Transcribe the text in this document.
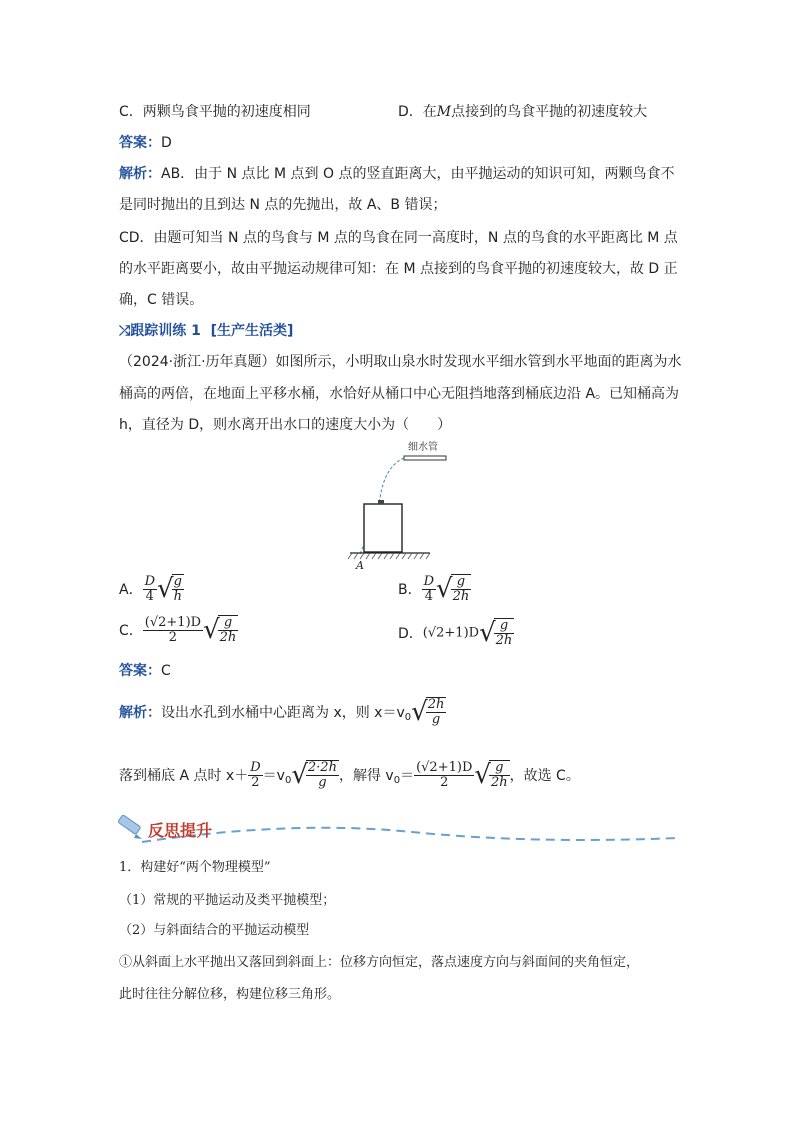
C．两颗鸟食平抛的初速度相同	D．在M点接到的鸟食平抛的初速度较大
答案：D
解析：AB．由于 N 点比 M 点到 O 点的竖直距离大，由平抛运动的知识可知，两颗鸟食不
是同时抛出的且到达 N 点的先抛出，故 A、B 错误；
CD．由题可知当 N 点的鸟食与 M 点的鸟食在同一高度时，N 点的鸟食的水平距离比 M 点
的水平距离要小，故由平抛运动规律可知：在 M 点接到的鸟食平抛的初速度较大，故 D 正
确，C 错误。
⤮跟踪训练 1 [生产生活类]
（2024·浙江·历年真题）如图所示，小明取山泉水时发现水平细水管到水平地面的距离为水
桶高的两倍，在地面上平移水桶，水恰好从桶口中心无阻挡地落到桶底边沿 A。已知桶高为
h，直径为 D，则水离开出水口的速度大小为（　　）
细水管
A
A． $\frac{D}{4}$ √
$\frac{g}{h}$	B． $\frac{D}{4}$ √
$\frac{g}{2h}$
C． $\frac{(√2+1)D}{2}$ √
$\frac{g}{2h}$	D．(√2+1)D√
$\frac{g}{2h}$
答案：C
解析：设出水孔到水桶中心距离为 x，则 $x=v_0√$
$\frac{2h}{g}$
落到桶底 A 点时 $x+ \frac{D}{2} =v_0√$
$\frac{2\cdot 2h}{g}$ ，解得 $v_0= \frac{(√2+1)D}{2}$ √
$\frac{g}{2h}$ ，故选 C。
反思提升
1．构建好“两个物理模型”
（1）常规的平抛运动及类平抛模型；
（2）与斜面结合的平抛运动模型
①从斜面上水平抛出又落回到斜面上：位移方向恒定，落点速度方向与斜面间的夹角恒定，
此时往往分解位移，构建位移三角形。
